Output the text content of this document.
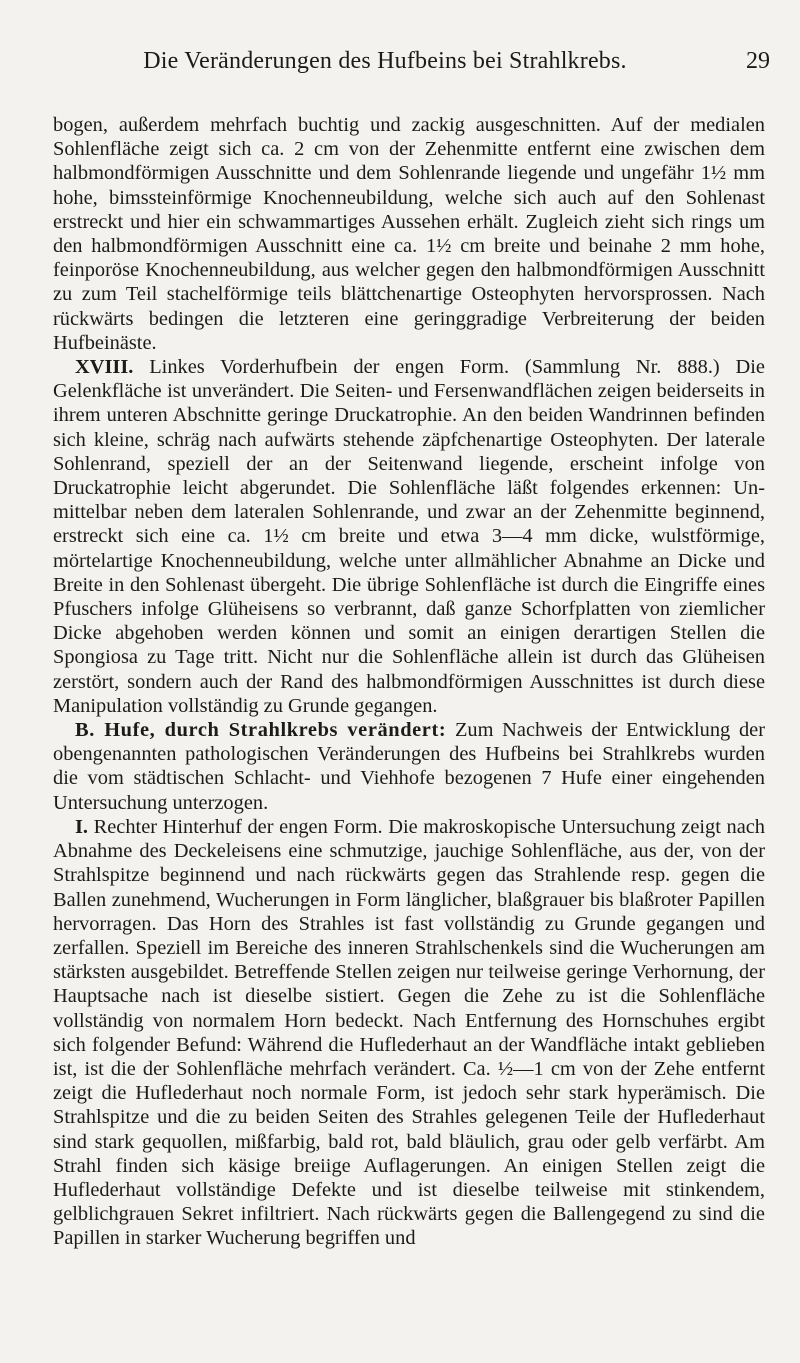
Die Veränderungen des Hufbeins bei Strahlkrebs.	29

bogen, außerdem mehrfach buchtig und zackig ausgeschnitten. Auf der medialen Sohlenfläche zeigt sich ca. 2 cm von der Zehenmitte entfernt eine zwischen dem halbmondförmigen Ausschnitte und dem Sohlenrande liegende und ungefähr 1½ mm hohe, bimssteinförmige Knochenneubildung, welche sich auch auf den Sohlenast erstreckt und hier ein schwammartiges Aussehen erhält. Zugleich zieht sich rings um den halbmondförmigen Ausschnitt eine ca. 1½ cm breite und beinahe 2 mm hohe, feinporöse Knochenneubildung, aus welcher gegen den halbmondförmigen Ausschnitt zu zum Teil stachelförmige teils blättchenartige Osteophyten hervorsprossen. Nach rückwärts bedingen die letzteren eine geringgradige Verbreiterung der beiden Hufbeinäste.

XVIII. Linkes Vorderhufbein der engen Form. (Sammlung Nr. 888.) Die Gelenkfläche ist unverändert. Die Seiten- und Fersenwandflächen zeigen beiderseits in ihrem unteren Abschnitte geringe Druckatrophie. An den beiden Wandrinnen befinden sich kleine, schräg nach aufwärts stehende zäpfchenartige Osteophyten. Der laterale Sohlenrand, speziell der an der Seitenwand liegende, erscheint infolge von Druckatrophie leicht abgerundet. Die Sohlenfläche läßt folgendes erkennen: Unmittelbar neben dem lateralen Sohlenrande, und zwar an der Zehenmitte beginnend, erstreckt sich eine ca. 1½ cm breite und etwa 3—4 mm dicke, wulstförmige, mörtelartige Knochenneubildung, welche unter allmählicher Abnahme an Dicke und Breite in den Sohlenast übergeht. Die übrige Sohlenfläche ist durch die Eingriffe eines Pfuschers infolge Glüheisens so verbrannt, daß ganze Schorfplatten von ziemlicher Dicke abgehoben werden können und somit an einigen derartigen Stellen die Spongiosa zu Tage tritt. Nicht nur die Sohlenfläche allein ist durch das Glüheisen zerstört, sondern auch der Rand des halbmondförmigen Ausschnittes ist durch diese Manipulation vollständig zu Grunde gegangen.

B. Hufe, durch Strahlkrebs verändert: Zum Nachweis der Entwicklung der obengenannten pathologischen Veränderungen des Hufbeins bei Strahlkrebs wurden die vom städtischen Schlacht- und Viehhofe bezogenen 7 Hufe einer eingehenden Untersuchung unterzogen.

I. Rechter Hinterhuf der engen Form. Die makroskopische Untersuchung zeigt nach Abnahme des Deckeleisens eine schmutzige, jauchige Sohlenfläche, aus der, von der Strahlspitze beginnend und nach rückwärts gegen das Strahlende resp. gegen die Ballen zunehmend, Wucherungen in Form länglicher, blaßgrauer bis blaßroter Papillen hervorragen. Das Horn des Strahles ist fast vollständig zu Grunde gegangen und zerfallen. Speziell im Bereiche des inneren Strahlschenkels sind die Wucherungen am stärksten ausgebildet. Betreffende Stellen zeigen nur teilweise geringe Verhornung, der Hauptsache nach ist dieselbe sistiert. Gegen die Zehe zu ist die Sohlenfläche vollständig von normalem Horn bedeckt. Nach Entfernung des Hornschuhes ergibt sich folgender Befund: Während die Huflederhaut an der Wandfläche intakt geblieben ist, ist die der Sohlenfläche mehrfach verändert. Ca. ½—1 cm von der Zehe entfernt zeigt die Huflederhaut noch normale Form, ist jedoch sehr stark hyperämisch. Die Strahlspitze und die zu beiden Seiten des Strahles gelegenen Teile der Huflederhaut sind stark gequollen, mißfarbig, bald rot, bald bläulich, grau oder gelb verfärbt. Am Strahl finden sich käsige breiige Auflagerungen. An einigen Stellen zeigt die Huflederhaut vollständige Defekte und ist dieselbe teilweise mit stinkendem, gelblichgrauen Sekret infiltriert. Nach rückwärts gegen die Ballengegend zu sind die Papillen in starker Wucherung begriffen und
